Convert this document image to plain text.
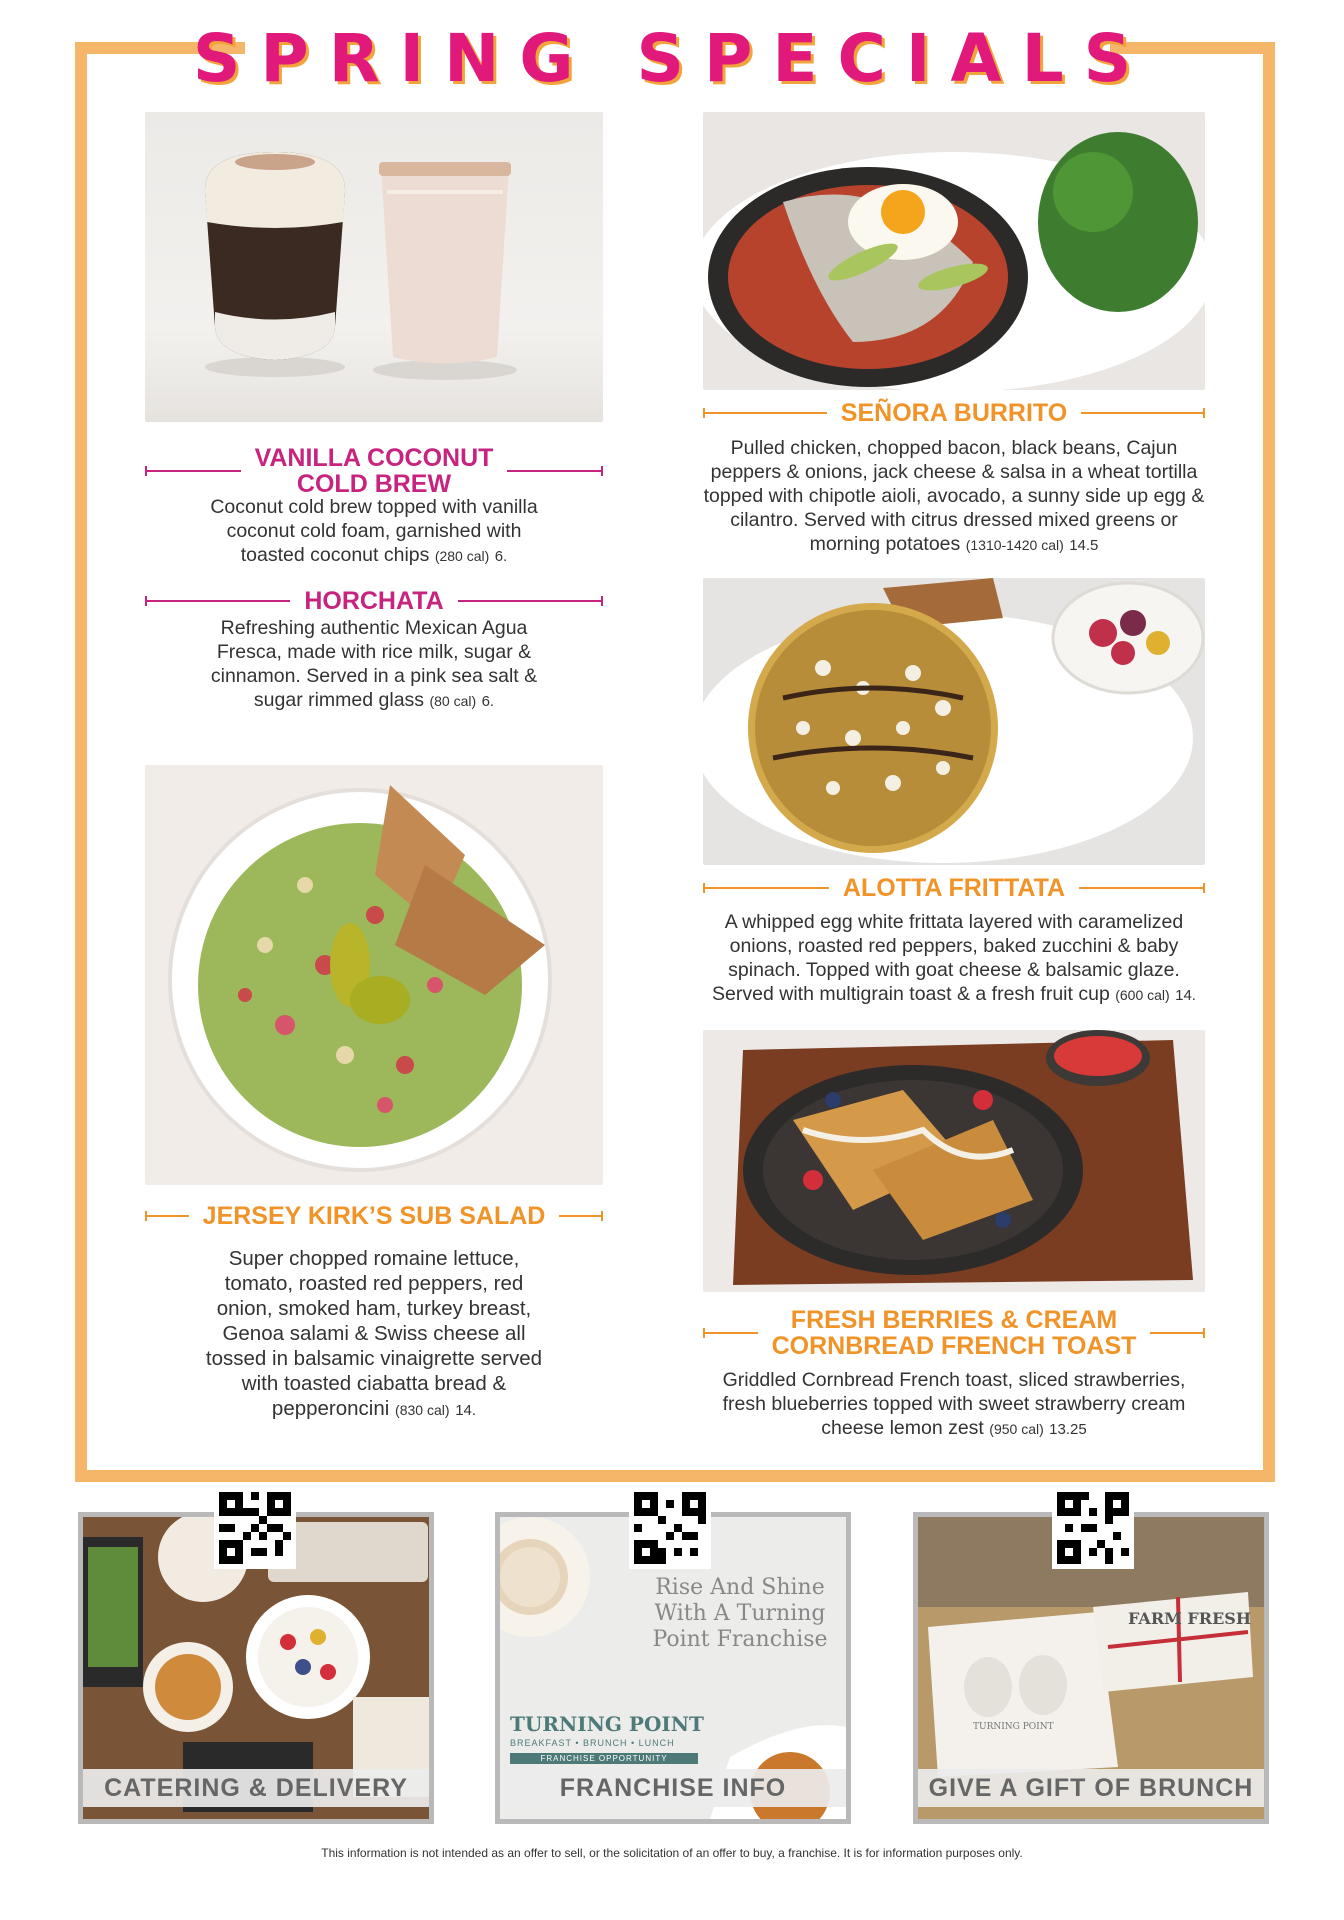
SPRING SPECIALS
VANILLA COCONUT
COLD BREW
Coconut cold brew topped with vanilla coconut cold foam, garnished with toasted coconut chips (280 cal) 6.
HORCHATA
Refreshing authentic Mexican Agua Fresca, made with rice milk, sugar & cinnamon. Served in a pink sea salt & sugar rimmed glass (80 cal) 6.
JERSEY KIRK’S SUB SALAD
Super chopped romaine lettuce, tomato, roasted red peppers, red onion, smoked ham, turkey breast, Genoa salami & Swiss cheese all tossed in balsamic vinaigrette served with toasted ciabatta bread & pepperoncini (830 cal) 14.
SEÑORA BURRITO
Pulled chicken, chopped bacon, black beans, Cajun peppers & onions, jack cheese & salsa in a wheat tortilla topped with chipotle aioli, avocado, a sunny side up egg & cilantro. Served with citrus dressed mixed greens or morning potatoes (1310-1420 cal) 14.5
ALOTTA FRITTATA
A whipped egg white frittata layered with caramelized onions, roasted red peppers, baked zucchini & baby spinach. Topped with goat cheese & balsamic glaze. Served with multigrain toast & a fresh fruit cup (600 cal) 14.
FRESH BERRIES & CREAM
CORNBREAD FRENCH TOAST
Griddled Cornbread French toast, sliced strawberries, fresh blueberries topped with sweet strawberry cream cheese lemon zest (950 cal) 13.25
CATERING & DELIVERY
Rise And Shine With A Turning Point Franchise
TURNING POINT
BREAKFAST • BRUNCH • LUNCH
FRANCHISE OPPORTUNITY
FRANCHISE INFO
FARM FRESH
TURNING POINT
GIVE A GIFT OF BRUNCH
This information is not intended as an offer to sell, or the solicitation of an offer to buy, a franchise. It is for information purposes only.
